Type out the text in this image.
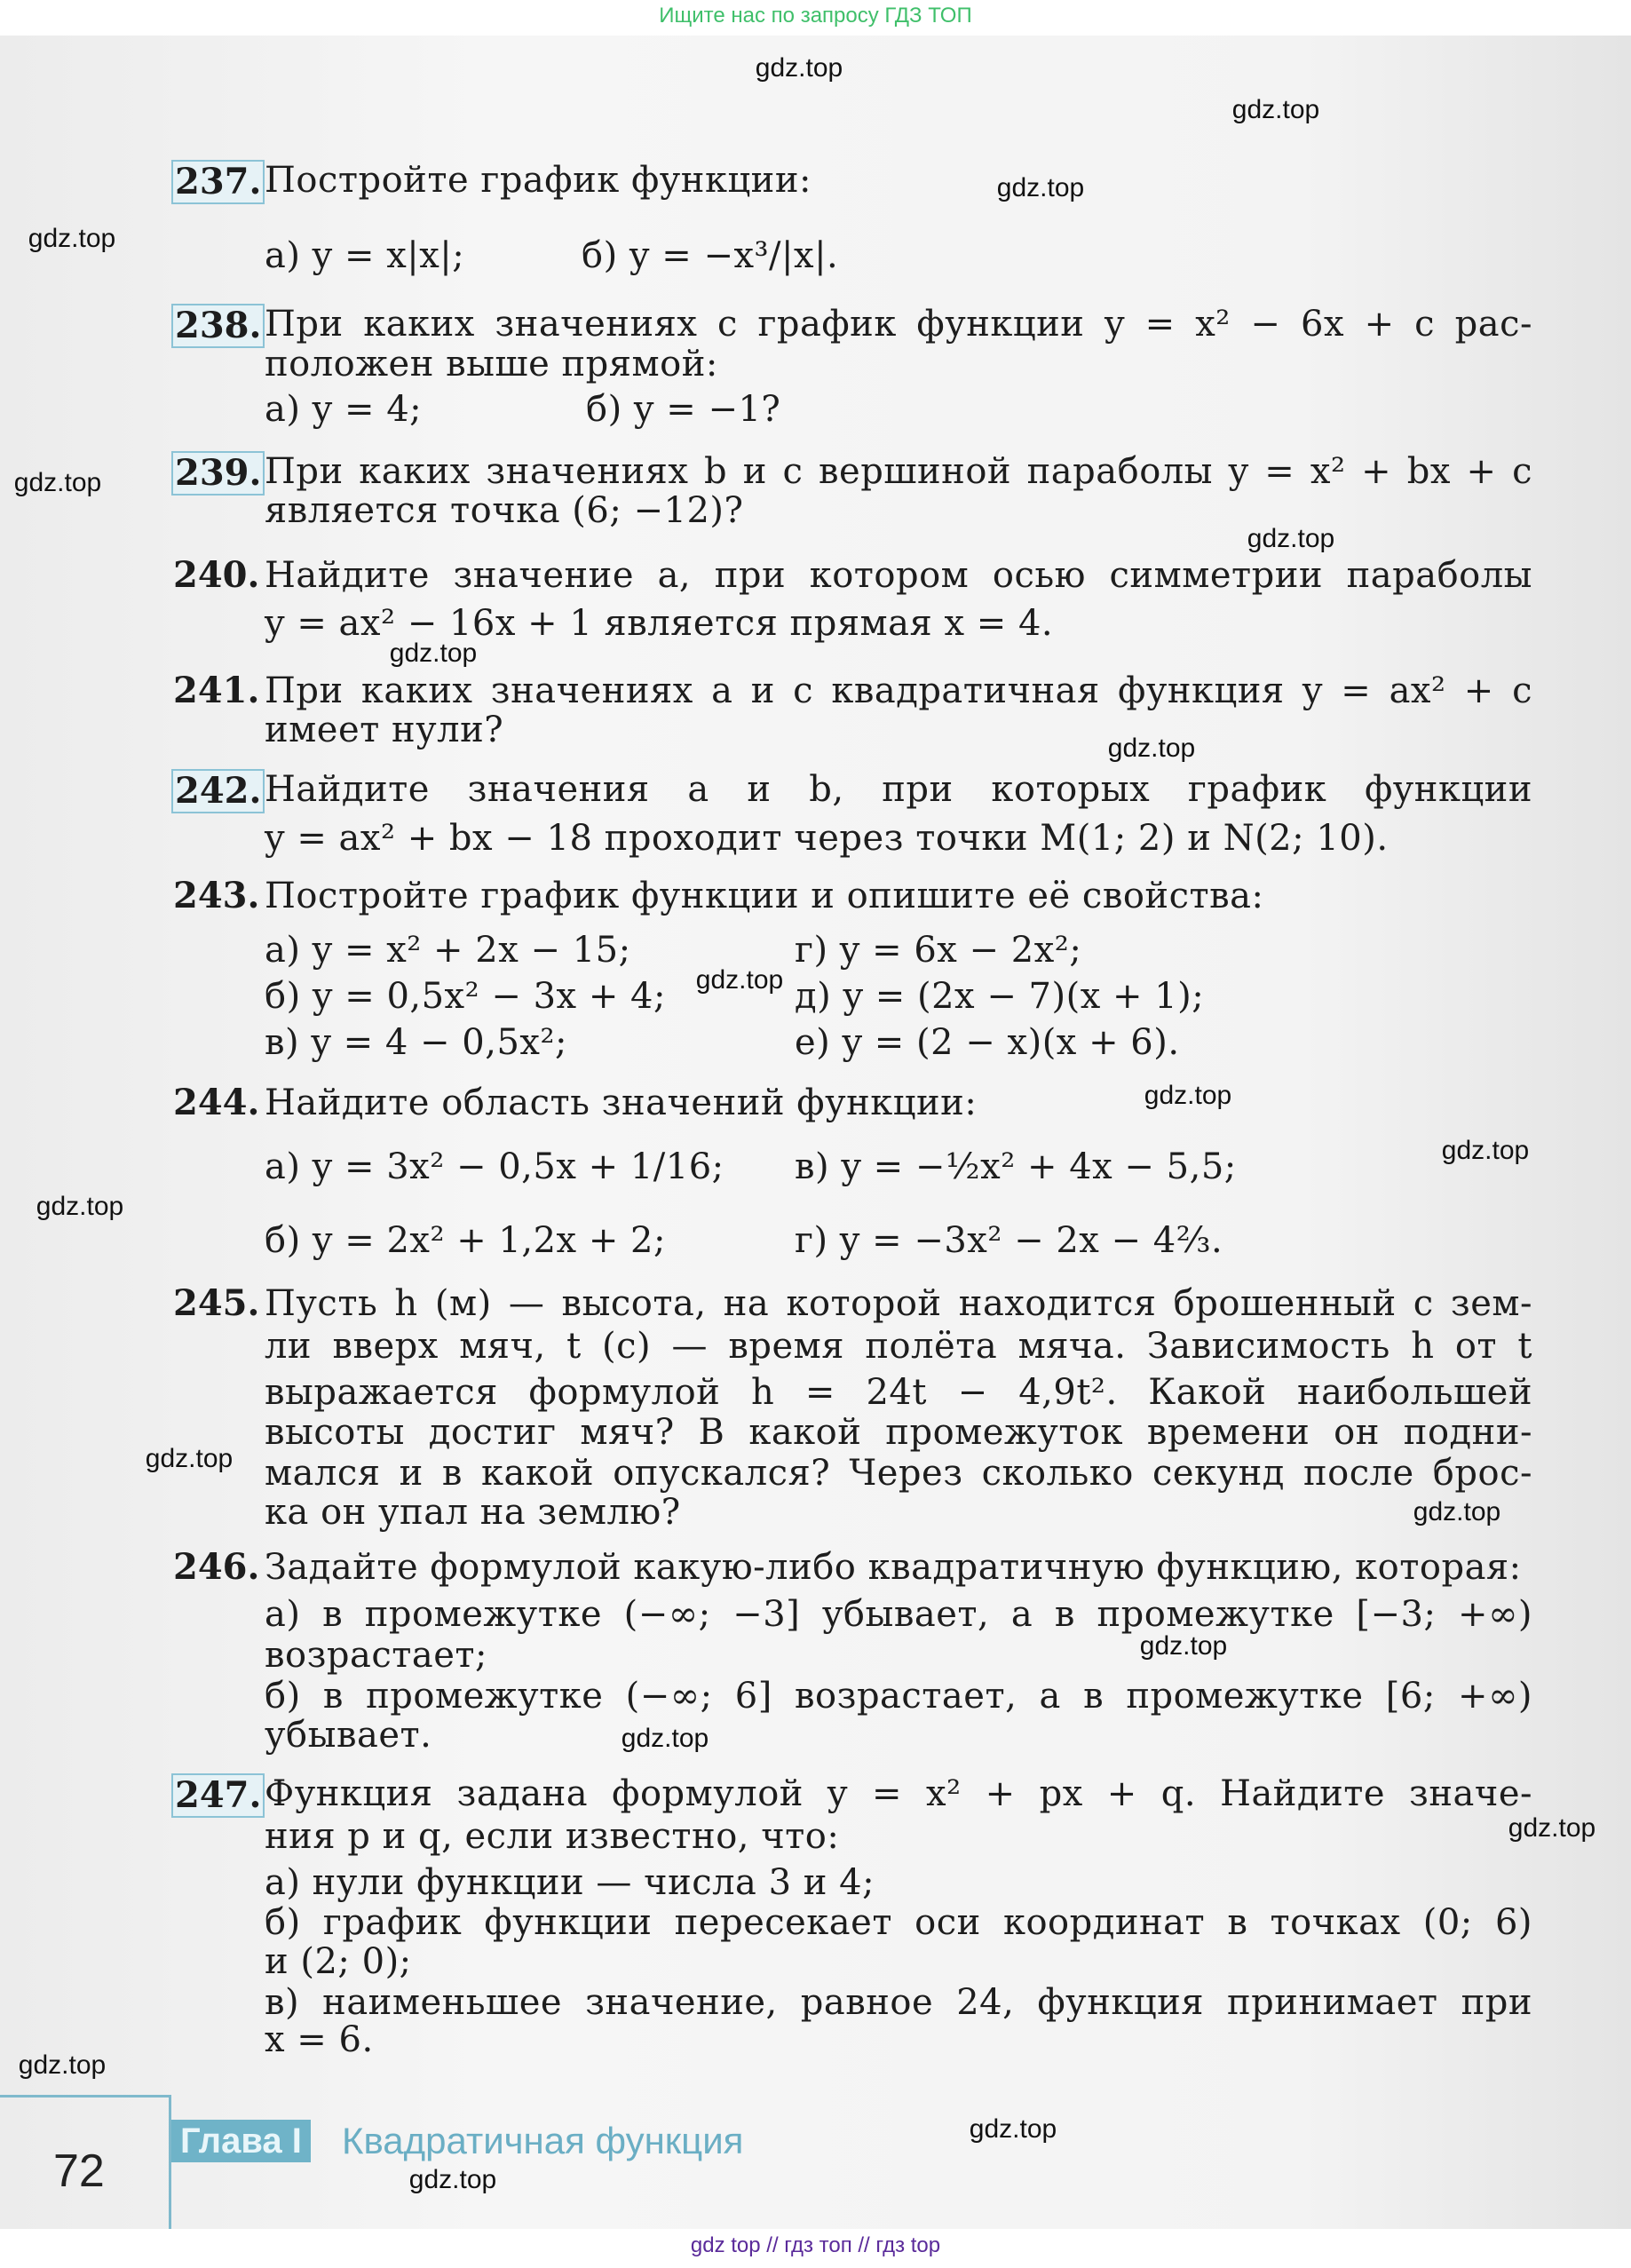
Ищите нас по запросу ГДЗ ТОП
237. Постройте график функции:
а) y = x|x|;	б) y = −x³/|x|.
238. При каких значениях c график функции y = x² − 6x + c рас-
положен выше прямой:
а) y = 4;	б) y = −1?
239. При каких значениях b и c вершиной параболы y = x² + bx + c
является точка (6; −12)?
240. Найдите значение a, при котором осью симметрии параболы
y = ax² − 16x + 1 является прямая x = 4.
241. При каких значениях a и c квадратичная функция y = ax² + c
имеет нули?
242. Найдите значения a и b, при которых график функции
y = ax² + bx − 18 проходит через точки M(1; 2) и N(2; 10).
243. Постройте график функции и опишите её свойства:
а) y = x² + 2x − 15;	г) y = 6x − 2x²;
б) y = 0,5x² − 3x + 4;	д) y = (2x − 7)(x + 1);
в) y = 4 − 0,5x²;	е) y = (2 − x)(x + 6).
244. Найдите область значений функции:
а) y = 3x² − 0,5x + 1/16; в) y = −½x² + 4x − 5,5;
б) y = 2x² + 1,2x + 2;	г) y = −3x² − 2x − 4⅔.
245. Пусть h (м) — высота, на которой находится брошенный с зем-
ли вверх мяч, t (с) — время полёта мяча. Зависимость h от t
выражается формулой h = 24t − 4,9t². Какой наибольшей
высоты достиг мяч? В какой промежуток времени он подни-
мался и в какой опускался? Через сколько секунд после брос-
ка он упал на землю?
246. Задайте формулой какую-либо квадратичную функцию, которая:
а) в промежутке (−∞; −3] убывает, а в промежутке [−3; +∞)
возрастает;
б) в промежутке (−∞; 6] возрастает, а в промежутке [6; +∞)
убывает.
247. Функция задана формулой y = x² + px + q. Найдите значе-
ния p и q, если известно, что:
а) нули функции — числа 3 и 4;
б) график функции пересекает оси координат в точках (0; 6)
и (2; 0);
в) наименьшее значение, равное 24, функция принимает при
x = 6.
72
Глава I Квадратичная функция
gdz.top
gdz.top
gdz.top
gdz.top
gdz.top
gdz.top
gdz.top
gdz.top
gdz.top
gdz.top
gdz.top
gdz.top
gdz.top
gdz.top
gdz.top
gdz.top
gdz.top
gdz.top
gdz.top
gdz.top
gdz top // гдз топ // гдз top
